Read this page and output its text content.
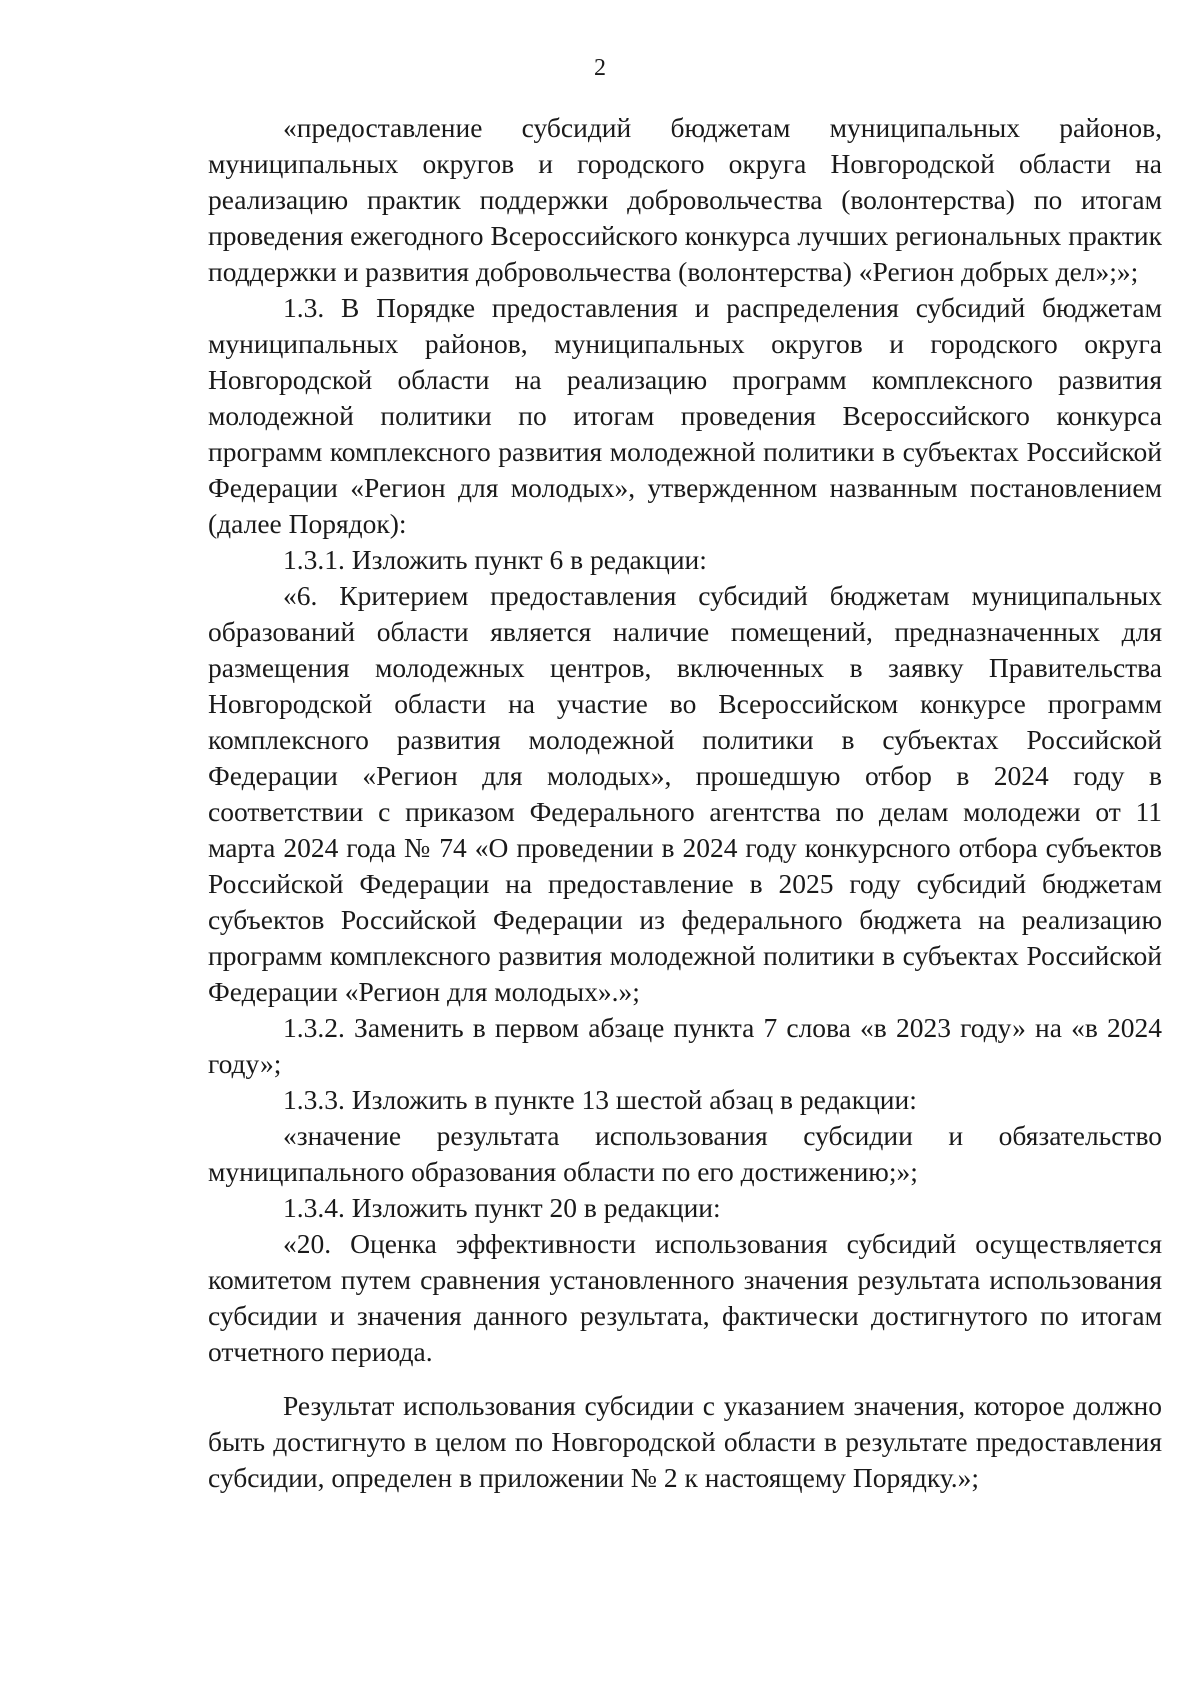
2

«предоставление субсидий бюджетам муниципальных районов, муниципальных округов и городского округа Новгородской области на реализацию практик поддержки добровольчества (волонтерства) по итогам проведения ежегодного Всероссийского конкурса лучших региональных практик поддержки и развития добровольчества (волонтерства) «Регион добрых дел»;»;

1.3. В Порядке предоставления и распределения субсидий бюджетам муниципальных районов, муниципальных округов и городского округа Новгородской области на реализацию программ комплексного развития молодежной политики по итогам проведения Всероссийского конкурса программ комплексного развития молодежной политики в субъектах Российской Федерации «Регион для молодых», утвержденном названным постановлением (далее Порядок):

1.3.1. Изложить пункт 6 в редакции:

«6. Критерием предоставления субсидий бюджетам муниципальных образований области является наличие помещений, предназначенных для размещения молодежных центров, включенных в заявку Правительства Новгородской области на участие во Всероссийском конкурсе программ комплексного развития молодежной политики в субъектах Российской Федерации «Регион для молодых», прошедшую отбор в 2024 году в соответствии с приказом Федерального агентства по делам молодежи от 11 марта 2024 года № 74 «О проведении в 2024 году конкурсного отбора субъектов Российской Федерации на предоставление в 2025 году субсидий бюджетам субъектов Российской Федерации из федерального бюджета на реализацию программ комплексного развития молодежной политики в субъектах Российской Федерации «Регион для молодых».»;

1.3.2. Заменить в первом абзаце пункта 7 слова «в 2023 году» на «в 2024 году»;

1.3.3. Изложить в пункте 13 шестой абзац в редакции:

«значение результата использования субсидии и обязательство муниципального образования области по его достижению;»;

1.3.4. Изложить пункт 20 в редакции:

«20. Оценка эффективности использования субсидий осуществляется комитетом путем сравнения установленного значения результата использования субсидии и значения данного результата, фактически достигнутого по итогам отчетного периода.

Результат использования субсидии с указанием значения, которое должно быть достигнуто в целом по Новгородской области в результате предоставления субсидии, определен в приложении № 2 к настоящему Порядку.»;
